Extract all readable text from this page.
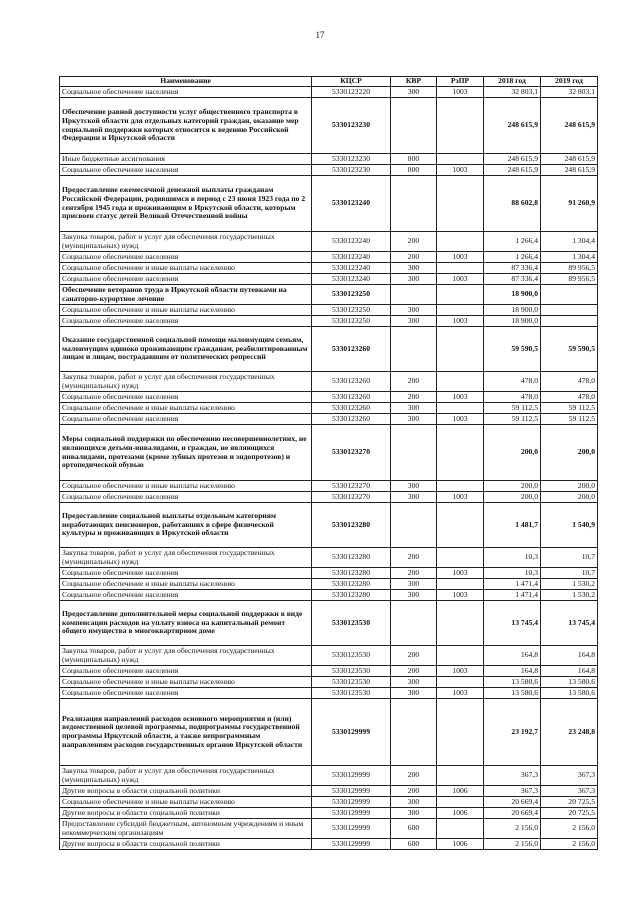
17
Наименование	КЦСР	КВР	РзПР	2018 год	2019 год
Социальное обеспечение населения	5330123220	300	1003	32 803,1	32 803,1
Обеспечение равной доступности услуг общественного транспорта в Иркутской области для отдельных категорий граждан, оказание мер социальной поддержки которых относится к ведению Российской Федерации и Иркутской области	5330123230			248 615,9	248 615,9
Иные бюджетные ассигнования	5330123230	800		248 615,9	248 615,9
Социальное обеспечение населения	5330123230	800	1003	248 615,9	248 615,9
Предоставление ежемесячной денежной выплаты гражданам Российской Федерации, родившимся в период с 23 июня 1923 года по 2 сентября 1945 года и проживающим в Иркутской области, которым присвоен статус детей Великой Отечественной войны	5330123240			88 602,8	91 260,9
Закупка товаров, работ и услуг для обеспечения государственных (муниципальных) нужд	5330123240	200		1 266,4	1 304,4
Социальное обеспечение населения	5330123240	200	1003	1 266,4	1 304,4
Социальное обеспечение и иные выплаты населению	5330123240	300		87 336,4	89 956,5
Социальное обеспечение населения	5330123240	300	1003	87 336,4	89 956,5
Обеспечение ветеранов труда в Иркутской области путевками на санаторно-курортное лечение	5330123250			18 900,0	
Социальное обеспечение и иные выплаты населению	5330123250	300		18 900,0	
Социальное обеспечение населения	5330123250	300	1003	18 900,0	
Оказание государственной социальной помощи малоимущим семьям, малоимущим одиноко проживающим гражданам, реабилитированным лицам и лицам, пострадавшим от политических репрессий	5330123260			59 590,5	59 590,5
Закупка товаров, работ и услуг для обеспечения государственных (муниципальных) нужд	5330123260	200		478,0	478,0
Социальное обеспечение населения	5330123260	200	1003	478,0	478,0
Социальное обеспечение и иные выплаты населению	5330123260	300		59 112,5	59 112,5
Социальное обеспечение населения	5330123260	300	1003	59 112,5	59 112,5
Меры социальной поддержки по обеспечению несовершеннолетних, не являющихся детьми-инвалидами, и граждан, не являющихся инвалидами, протезами (кроме зубных протезов и эндопротезов) и ортопедической обувью	5330123270			200,0	200,0
Социальное обеспечение и иные выплаты населению	5330123270	300		200,0	200,0
Социальное обеспечение населения	5330123270	300	1003	200,0	200,0
Предоставление социальной выплаты отдельным категориям неработающих пенсионеров, работавших в сфере физической культуры и проживающих в Иркутской области	5330123280			1 481,7	1 540,9
Закупка товаров, работ и услуг для обеспечения государственных (муниципальных) нужд	5330123280	200		10,3	10,7
Социальное обеспечение населения	5330123280	200	1003	10,3	10,7
Социальное обеспечение и иные выплаты населению	5330123280	300		1 471,4	1 530,2
Социальное обеспечение населения	5330123280	300	1003	1 471,4	1 530,2
Предоставление дополнительной меры социальной поддержки в виде компенсации расходов на уплату взноса на капитальный ремонт общего имущества в многоквартирном доме	5330123530			13 745,4	13 745,4
Закупка товаров, работ и услуг для обеспечения государственных (муниципальных) нужд	5330123530	200		164,8	164,8
Социальное обеспечение населения	5330123530	200	1003	164,8	164,8
Социальное обеспечение и иные выплаты населению	5330123530	300		13 580,6	13 580,6
Социальное обеспечение населения	5330123530	300	1003	13 580,6	13 580,6
Реализация направлений расходов основного мероприятия и (или) ведомственной целевой программы, подпрограммы государственной программы Иркутской области, а также непрограммным направлениям расходов государственных органов Иркутской области	5330129999			23 192,7	23 248,8
Закупка товаров, работ и услуг для обеспечения государственных (муниципальных) нужд	5330129999	200		367,3	367,3
Другие вопросы в области социальной политики	5330129999	200	1006	367,3	367,3
Социальное обеспечение и иные выплаты населению	5330129999	300		20 669,4	20 725,5
Другие вопросы в области социальной политики	5330129999	300	1006	20 669,4	20 725,5
Предоставление субсидий бюджетным, автономным учреждениям и иным некоммерческим организациям	5330129999	600		2 156,0	2 156,0
Другие вопросы в области социальной политики	5330129999	600	1006	2 156,0	2 156,0
